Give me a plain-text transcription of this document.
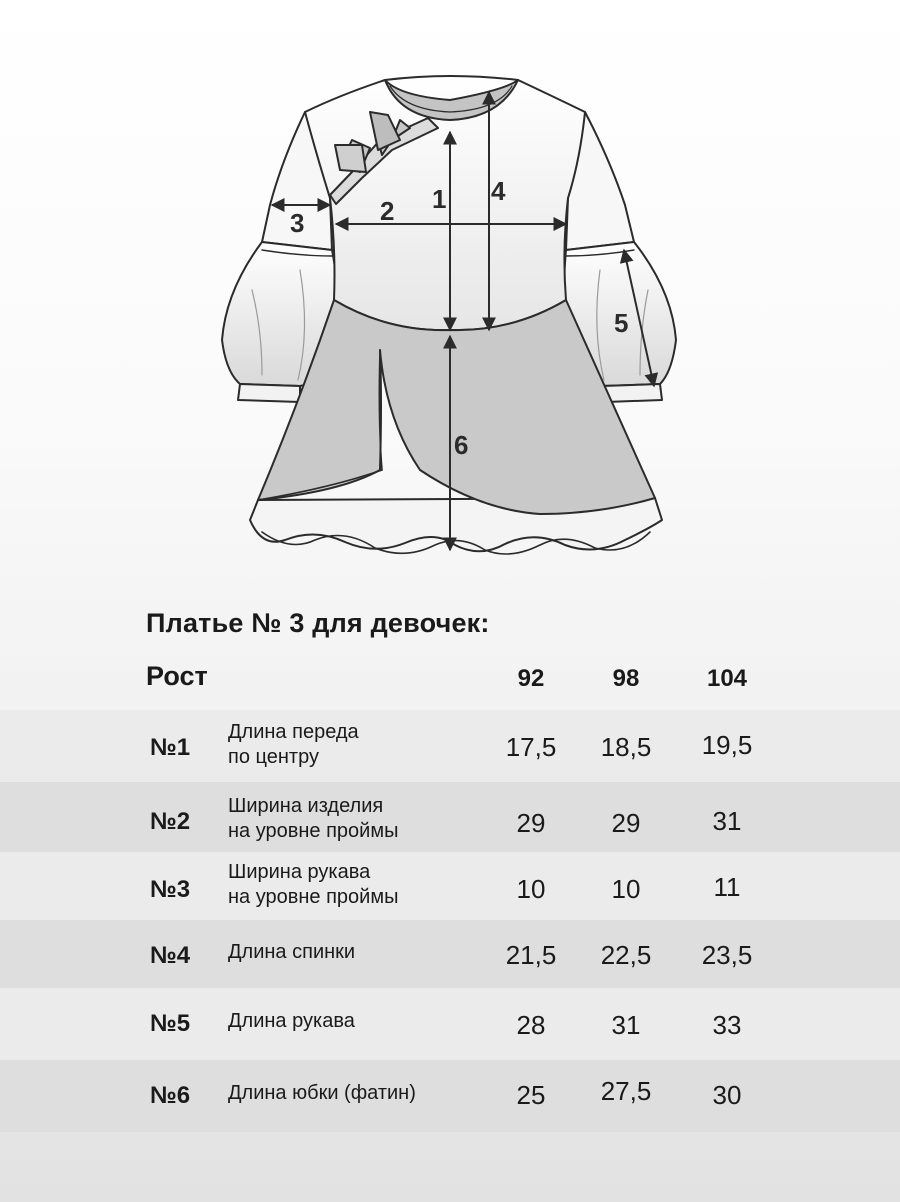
1
2
3
4
5
6
Платье № 3 для девочек:
Рост	92	98	104
№1
Длина переда
по центру	17,5	18,5	19,5
№2
Ширина изделия
на уровне проймы	29	29	31
№3
Ширина рукава
на уровне проймы	10	10	11
№4 Длина спинки	21,5	22,5	23,5
№5 Длина рукава	28	31	33
№6 Длина юбки (фатин)	25	27,5	30
